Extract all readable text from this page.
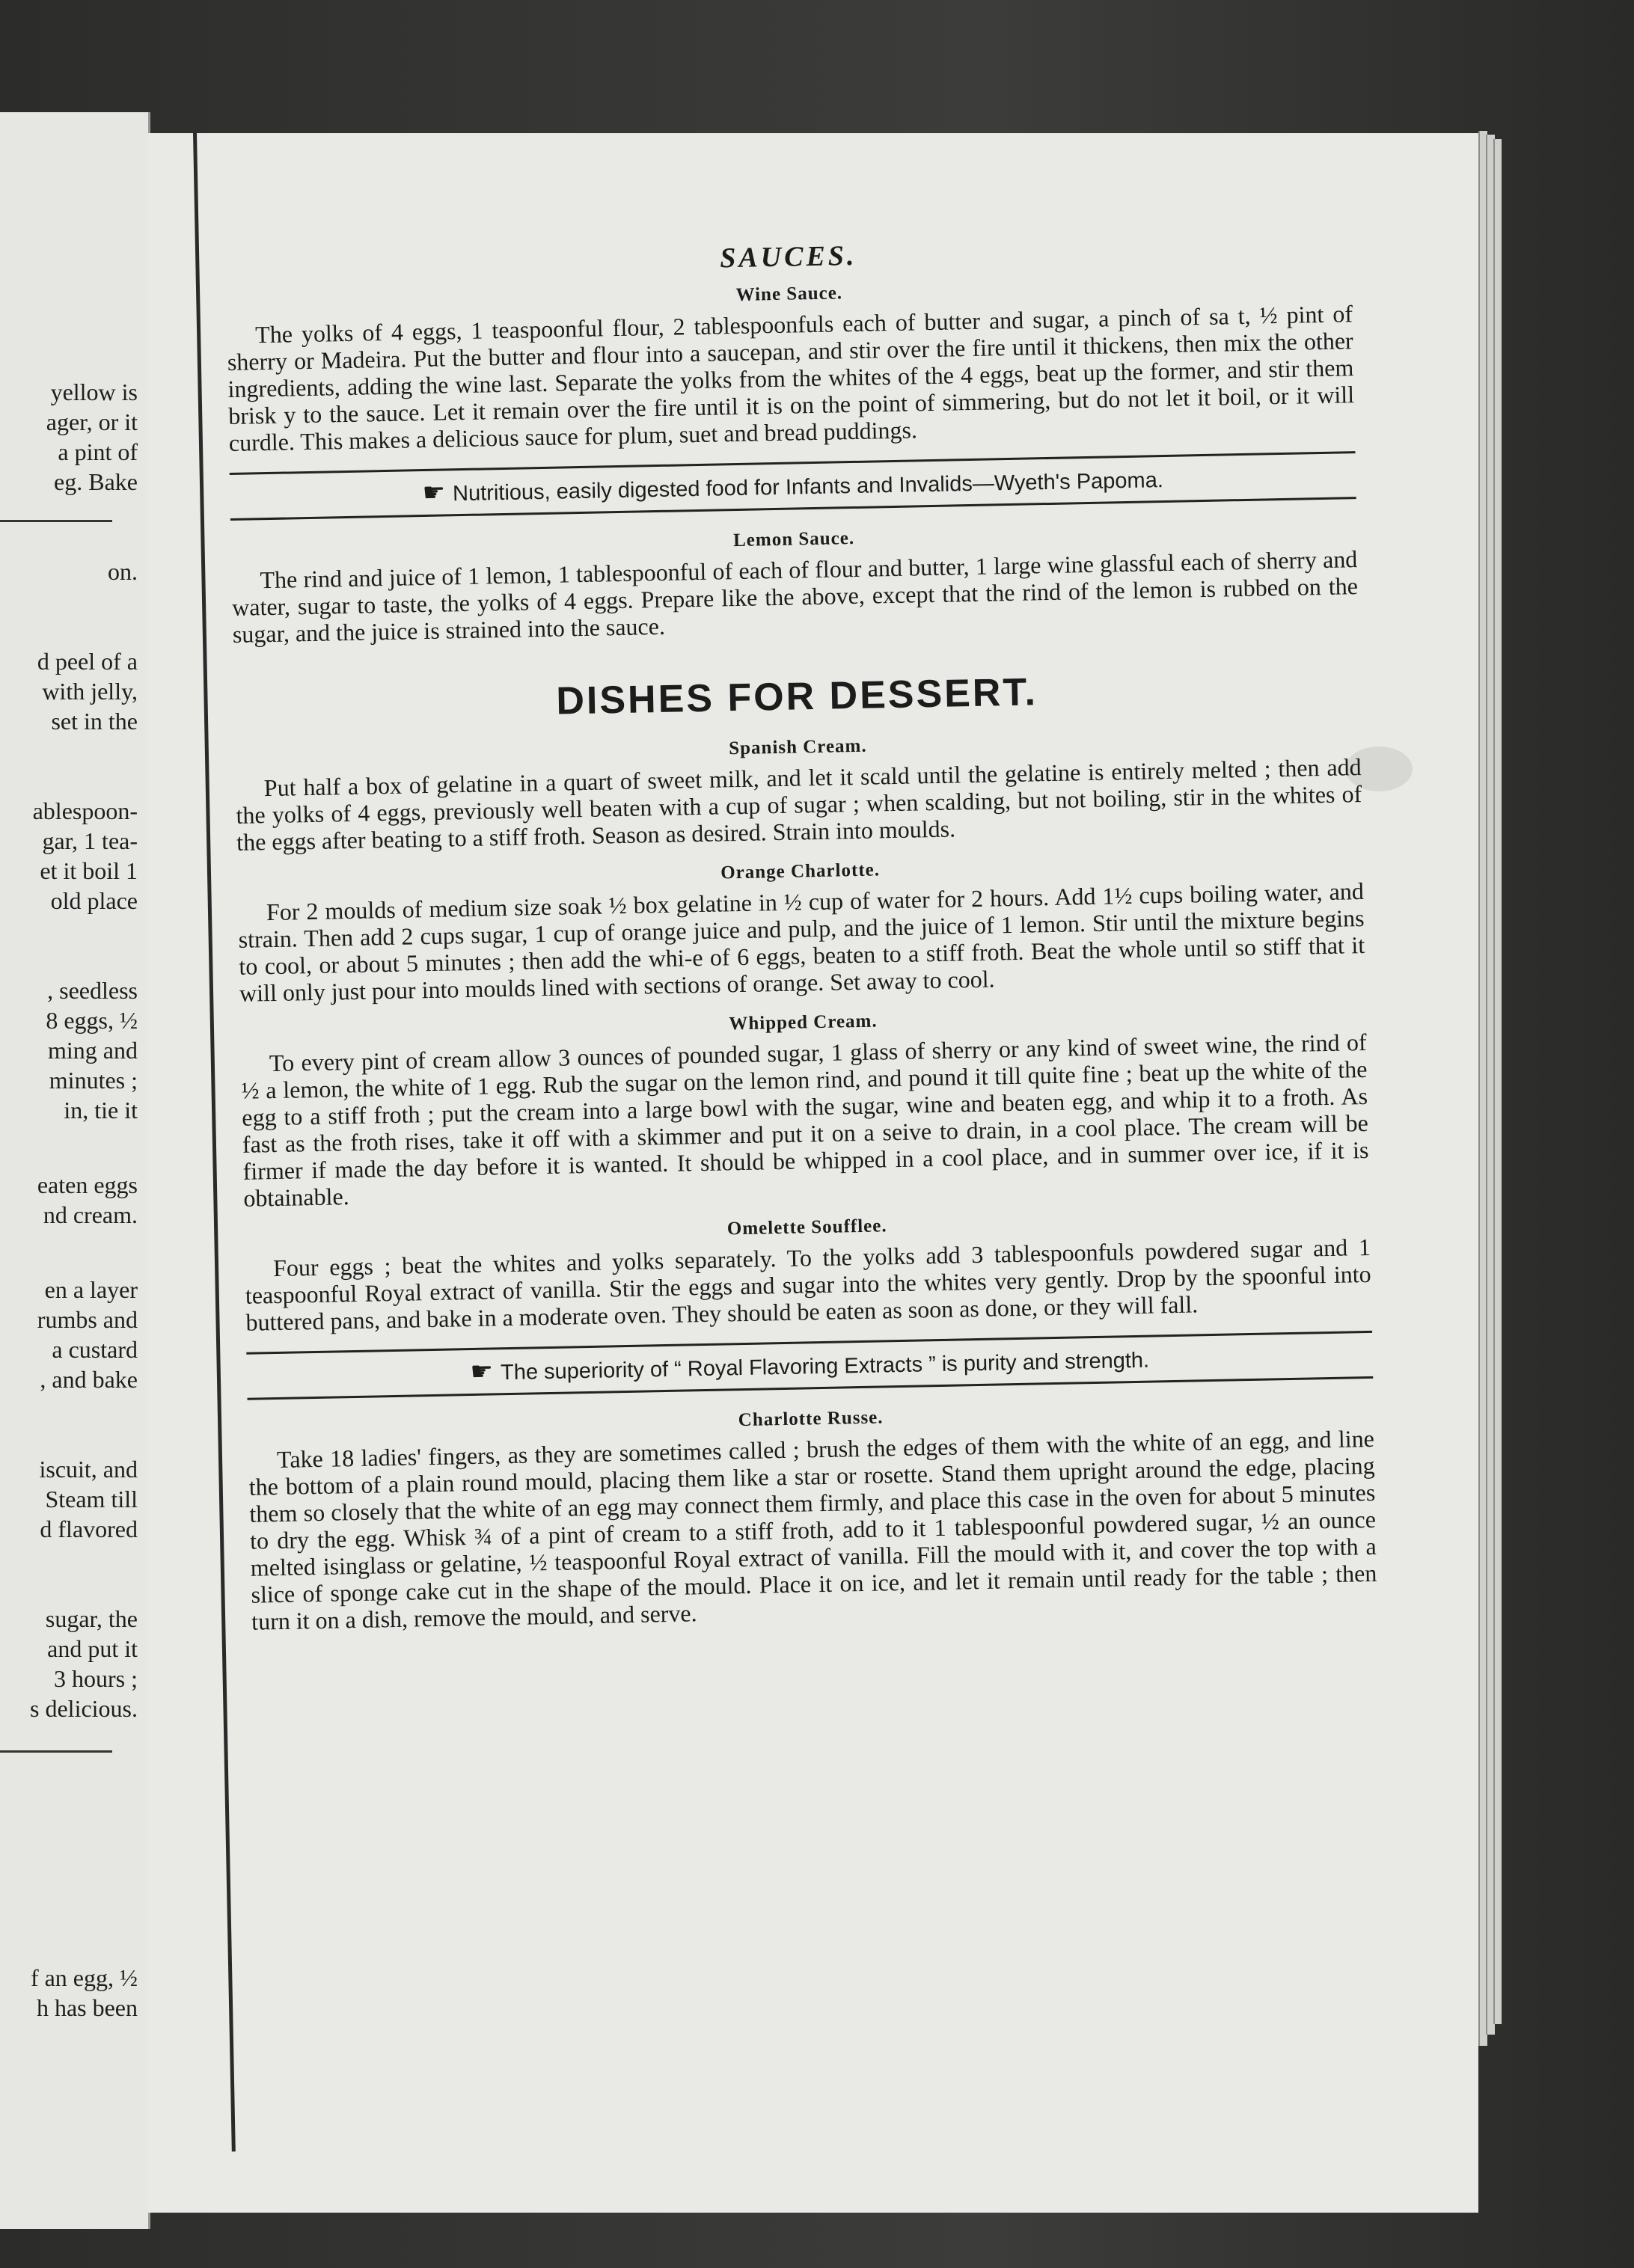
yellow is
ager, or it
a pint of
eg. Bake
on.
d peel of a
with jelly,
set in the
ablespoon-
gar, 1 tea-
et it boil 1
old place
, seedless
8 eggs, ½
ming and
minutes ;
in, tie it
eaten eggs
nd cream.
en a layer
rumbs and
a custard
, and bake
iscuit, and
Steam till
d flavored
sugar, the
and put it
3 hours ;
s delicious.
f an egg, ½
h has been
SAUCES.
Wine Sauce.

The yolks of 4 eggs, 1 teaspoonful flour, 2 tablespoonfuls each of butter and sugar, a pinch of sa t, ½ pint of sherry or Madeira. Put the butter and flour into a saucepan, and stir over the fire until it thickens, then mix the other ingredients, adding the wine last. Separate the yolks from the whites of the 4 eggs, beat up the former, and stir them brisk y to the sauce. Let it remain over the fire until it is on the point of simmering, but do not let it boil, or it will curdle. This makes a delicious sauce for plum, suet and bread puddings.

☛ Nutritious, easily digested food for Infants and Invalids—Wyeth's Papoma.
Lemon Sauce.

The rind and juice of 1 lemon, 1 tablespoonful of each of flour and butter, 1 large wine glassful each of sherry and water, sugar to taste, the yolks of 4 eggs. Prepare like the above, except that the rind of the lemon is rubbed on the sugar, and the juice is strained into the sauce.

DISHES FOR DESSERT.
Spanish Cream.

Put half a box of gelatine in a quart of sweet milk, and let it scald until the gelatine is entirely melted ; then add the yolks of 4 eggs, previously well beaten with a cup of sugar ; when scalding, but not boiling, stir in the whites of the eggs after beating to a stiff froth. Season as desired. Strain into moulds.

Orange Charlotte.

For 2 moulds of medium size soak ½ box gelatine in ½ cup of water for 2 hours. Add 1½ cups boiling water, and strain. Then add 2 cups sugar, 1 cup of orange juice and pulp, and the juice of 1 lemon. Stir until the mixture begins to cool, or about 5 minutes ; then add the whi-e of 6 eggs, beaten to a stiff froth. Beat the whole until so stiff that it will only just pour into moulds lined with sections of orange. Set away to cool.

Whipped Cream.

To every pint of cream allow 3 ounces of pounded sugar, 1 glass of sherry or any kind of sweet wine, the rind of ½ a lemon, the white of 1 egg. Rub the sugar on the lemon rind, and pound it till quite fine ; beat up the white of the egg to a stiff froth ; put the cream into a large bowl with the sugar, wine and beaten egg, and whip it to a froth. As fast as the froth rises, take it off with a skimmer and put it on a seive to drain, in a cool place. The cream will be firmer if made the day before it is wanted. It should be whipped in a cool place, and in summer over ice, if it is obtainable.

Omelette Soufflee.

Four eggs ; beat the whites and yolks separately. To the yolks add 3 tablespoonfuls powdered sugar and 1 teaspoonful Royal extract of vanilla. Stir the eggs and sugar into the whites very gently. Drop by the spoonful into buttered pans, and bake in a moderate oven. They should be eaten as soon as done, or they will fall.

☛ The superiority of “ Royal Flavoring Extracts ” is purity and strength.
Charlotte Russe.

Take 18 ladies' fingers, as they are sometimes called ; brush the edges of them with the white of an egg, and line the bottom of a plain round mould, placing them like a star or rosette. Stand them upright around the edge, placing them so closely that the white of an egg may connect them firmly, and place this case in the oven for about 5 minutes to dry the egg. Whisk ¾ of a pint of cream to a stiff froth, add to it 1 tablespoonful powdered sugar, ½ an ounce melted isinglass or gelatine, ½ teaspoonful Royal extract of vanilla. Fill the mould with it, and cover the top with a slice of sponge cake cut in the shape of the mould. Place it on ice, and let it remain until ready for the table ; then turn it on a dish, remove the mould, and serve.
